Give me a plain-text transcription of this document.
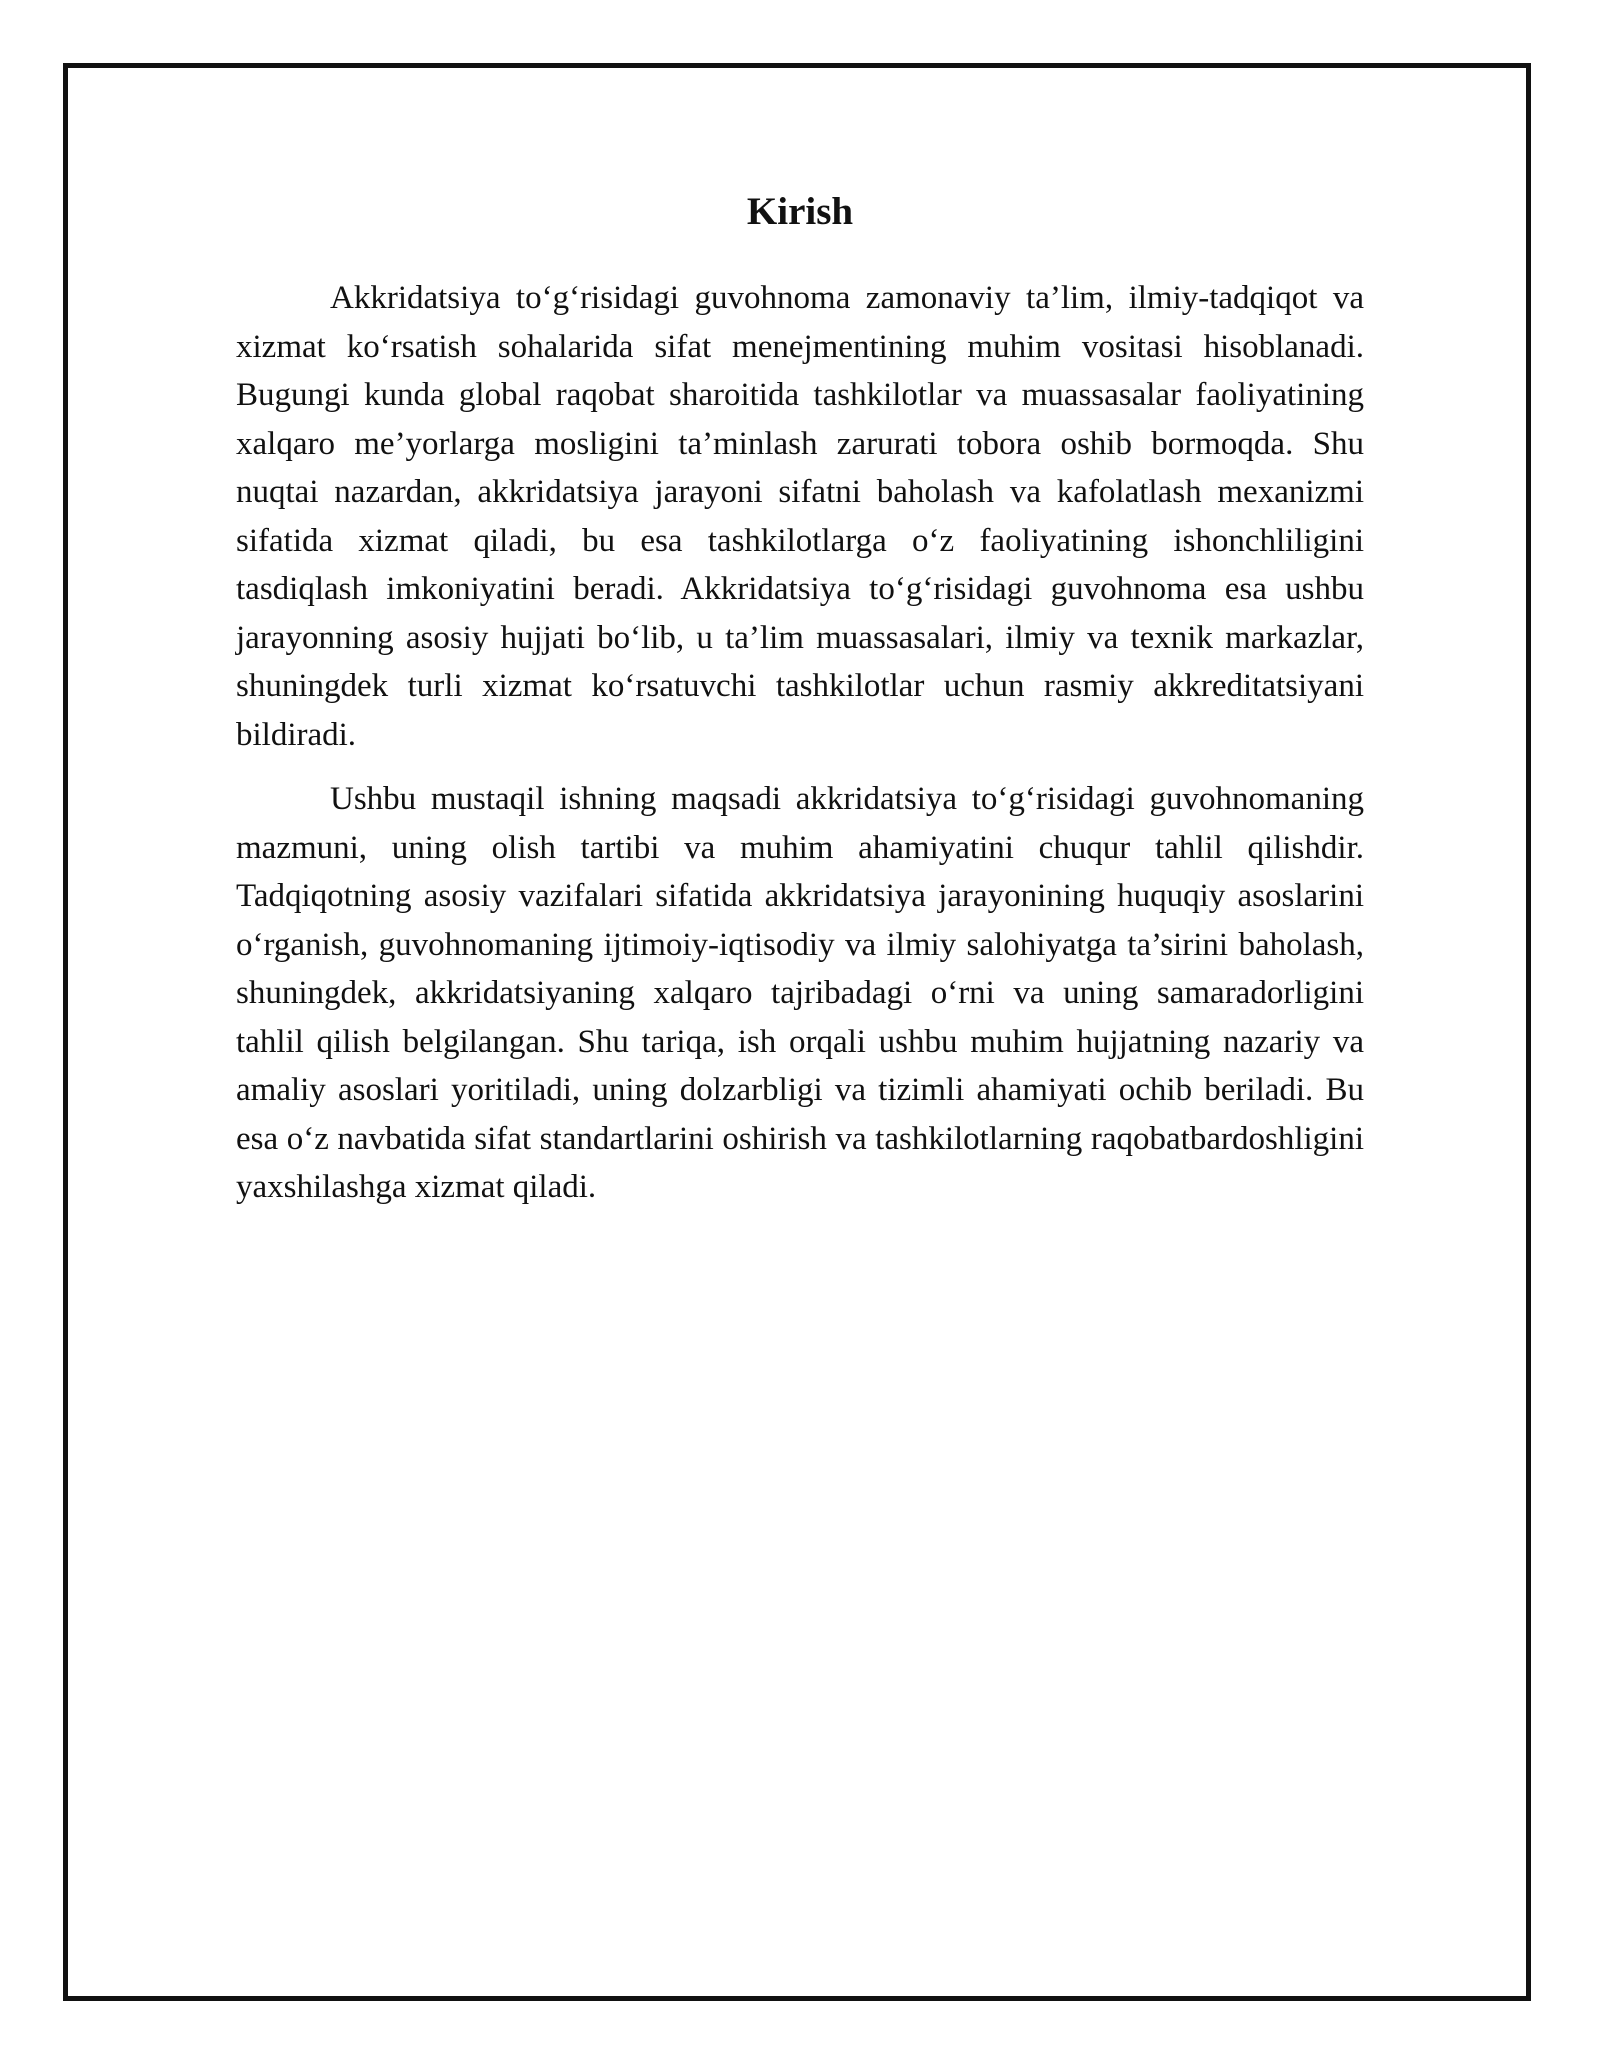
Kirish

Akkridatsiya to‘g‘risidagi guvohnoma zamonaviy ta’lim, ilmiy-tadqiqot va xizmat ko‘rsatish sohalarida sifat menejmentining muhim vositasi hisoblanadi. Bugungi kunda global raqobat sharoitida tashkilotlar va muassasalar faoliyatining xalqaro me’yorlarga mosligini ta’minlash zarurati tobora oshib bormoqda. Shu nuqtai nazardan, akkridatsiya jarayoni sifatni baholash va kafolatlash mexanizmi sifatida xizmat qiladi, bu esa tashkilotlarga o‘z faoliyatining ishonchliligini tasdiqlash imkoniyatini beradi. Akkridatsiya to‘g‘risidagi guvohnoma esa ushbu jarayonning asosiy hujjati bo‘lib, u ta’lim muassasalari, ilmiy va texnik markazlar, shuningdek turli xizmat ko‘rsatuvchi tashkilotlar uchun rasmiy akkreditatsiyani bildiradi.

Ushbu mustaqil ishning maqsadi akkridatsiya to‘g‘risidagi guvohnomaning mazmuni, uning olish tartibi va muhim ahamiyatini chuqur tahlil qilishdir. Tadqiqotning asosiy vazifalari sifatida akkridatsiya jarayonining huquqiy asoslarini o‘rganish, guvohnomaning ijtimoiy-iqtisodiy va ilmiy salohiyatga ta’sirini baholash, shuningdek, akkridatsiyaning xalqaro tajribadagi o‘rni va uning samaradorligini tahlil qilish belgilangan. Shu tariqa, ish orqali ushbu muhim hujjatning nazariy va amaliy asoslari yoritiladi, uning dolzarbligi va tizimli ahamiyati ochib beriladi. Bu esa o‘z navbatida sifat standartlarini oshirish va tashkilotlarning raqobatbardoshligini yaxshilashga xizmat qiladi.
